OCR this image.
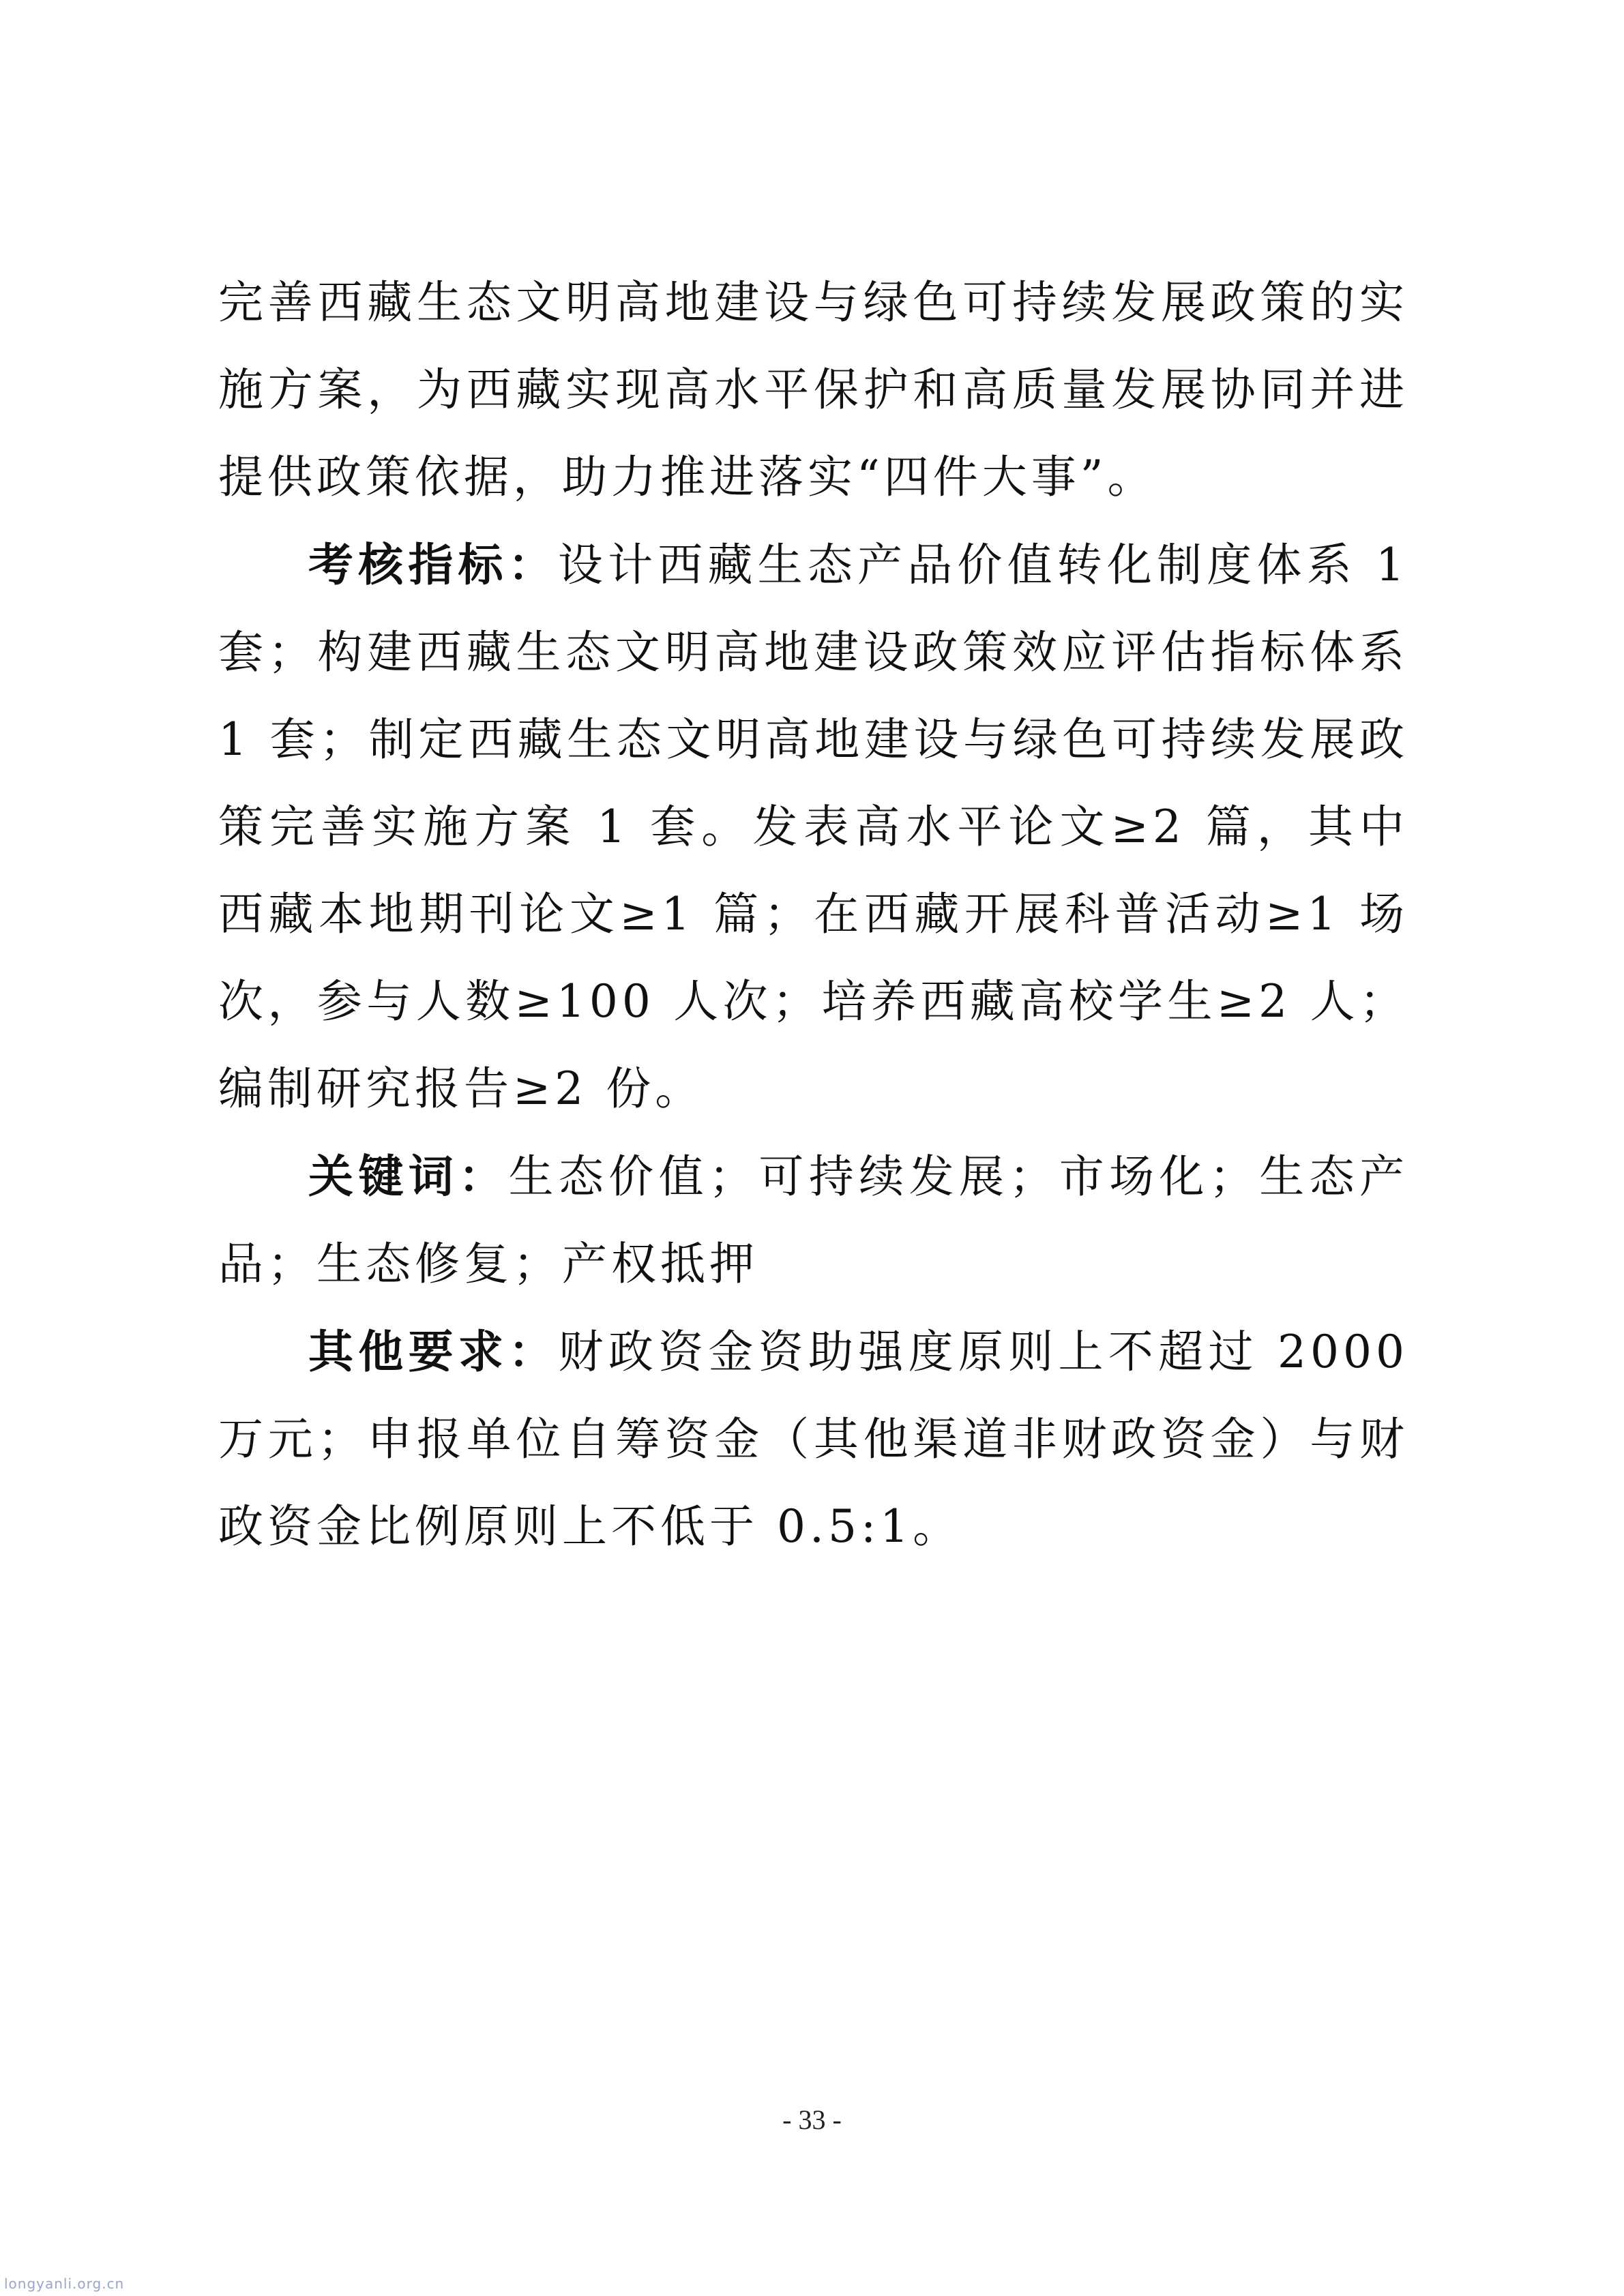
完善西藏生态文明高地建设与绿色可持续发展政策的实施方案，为西藏实现高水平保护和高质量发展协同并进提供政策依据，助力推进落实“四件大事”。

考核指标：设计西藏生态产品价值转化制度体系 1 套；构建西藏生态文明高地建设政策效应评估指标体系 1 套；制定西藏生态文明高地建设与绿色可持续发展政策完善实施方案 1 套。发表高水平论文≥2 篇，其中西藏本地期刊论文≥1 篇；在西藏开展科普活动≥1 场次，参与人数≥100 人次；培养西藏高校学生≥2 人；编制研究报告≥2 份。

关键词：生态价值；可持续发展；市场化；生态产品；生态修复；产权抵押

其他要求：财政资金资助强度原则上不超过 2000 万元；申报单位自筹资金（其他渠道非财政资金）与财政资金比例原则上不低于 0.5:1。

- 33 -
longyanli.org.cn
